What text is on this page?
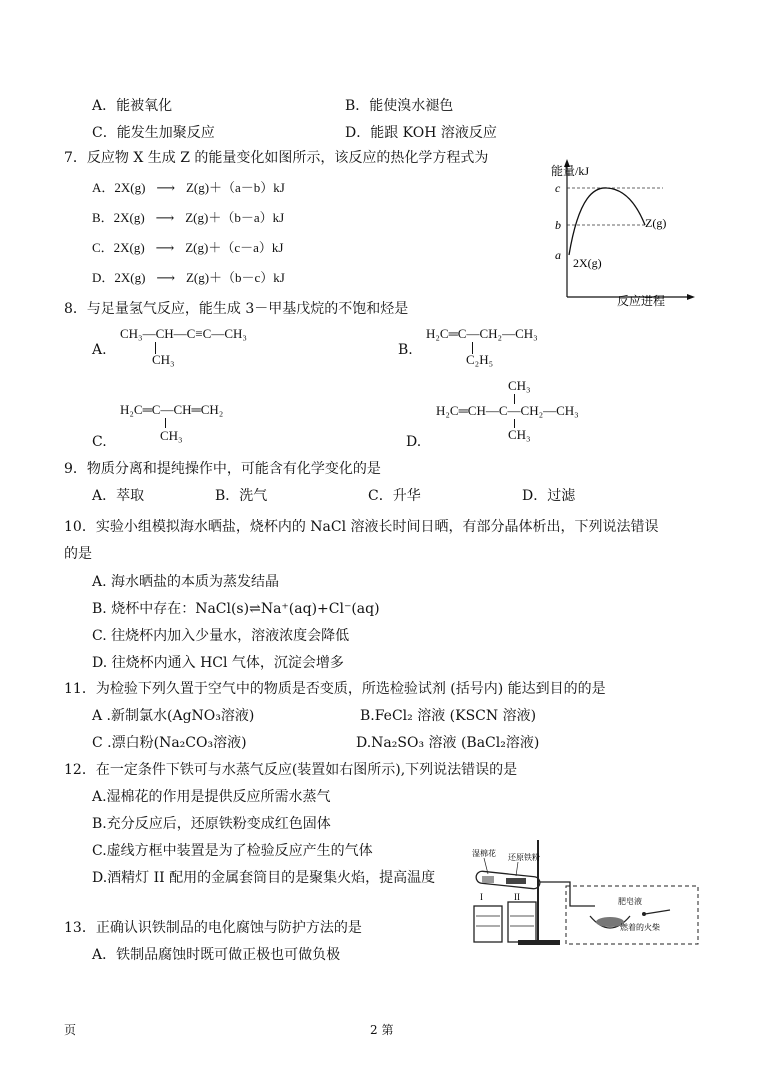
A．能被氧化	B．能使溴水褪色
C．能发生加聚反应	D．能跟 KOH 溶液反应
7．反应物 X 生成 Z 的能量变化如图所示，该反应的热化学方程式为
A．2X(g) ⟶ Z(g)＋（a－b）kJ
B．2X(g) ⟶ Z(g)＋（b－a）kJ
C．2X(g) ⟶ Z(g)＋（c－a）kJ
D．2X(g) ⟶ Z(g)＋（b－c）kJ
能量/kJ
c
b
a
2X(g)
Z(g)
反应进程
8．与足量氢气反应，能生成 3－甲基戊烷的不饱和烃是
A.
CH₃—CH—C≡C—CH₃
CH₃
B.
H₂C═C—CH₂—CH₃
C₂H₅
C.
H₂C═C—CH═CH₂
CH₃	D.
CH₃
H₂C═CH—C—CH₂—CH₃
CH₃
9．物质分离和提纯操作中，可能含有化学变化的是
A．萃取	B．洗气	C．升华	D．过滤
10．实验小组模拟海水晒盐，烧杯内的 NaCl 溶液长时间日晒，有部分晶体析出，下列说法错误
的是
A. 海水晒盐的本质为蒸发结晶
B. 烧杯中存在：NaCl(s)⇌Na⁺(aq)+Cl⁻(aq)
C. 往烧杯内加入少量水，溶液浓度会降低
D. 往烧杯内通入 HCl 气体，沉淀会增多
11．为检验下列久置于空气中的物质是否变质，所选检验试剂 (括号内) 能达到目的的是
A .新制氯水(AgNO₃溶液)	B.FeCl₂ 溶液 (KSCN 溶液)
C .漂白粉(Na₂CO₃溶液)	D.Na₂SO₃ 溶液 (BaCl₂溶液)
12．在一定条件下铁可与水蒸气反应(装置如右图所示),下列说法错误的是
A.湿棉花的作用是提供反应所需水蒸气
B.充分反应后，还原铁粉变成红色固体
C.虚线方框中装置是为了检验反应产生的气体
D.酒精灯 II 配用的金属套筒目的是聚集火焰，提高温度
湿棉花 还原铁粉
I	II	肥皂液
燃着的火柴
13．正确认识铁制品的电化腐蚀与防护方法的是
A．铁制品腐蚀时既可做正极也可做负极
页	2 第
